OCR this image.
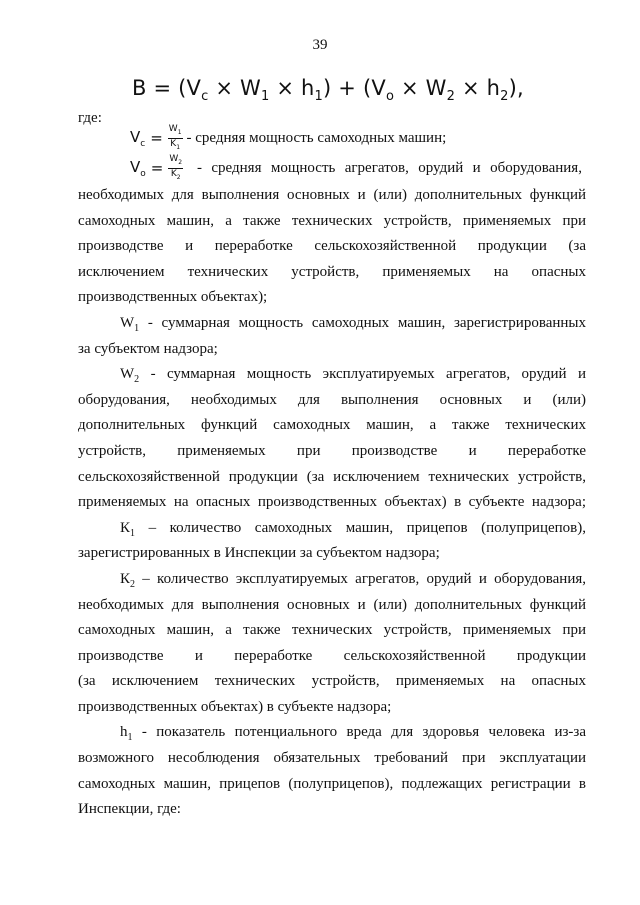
39
$B = (V_c \times W_1 \times h_1) + (V_o \times W_2 \times h_2)$,
где:
$V_c = \frac{W_1}{K_1}$ - средняя мощность самоходных машин;
$V_o = \frac{W_2}{K_2}$ - средняя мощность агрегатов, орудий и оборудования,
необходимых для выполнения основных и (или) дополнительных функций
самоходных машин, а также технических устройств, применяемых при
производстве и переработке сельскохозяйственной продукции (за
исключением технических устройств, применяемых на опасных
производственных объектах);
$W_1$ - суммарная мощность самоходных машин, зарегистрированных
за субъектом надзора;
$W_2$ - суммарная мощность эксплуатируемых агрегатов, орудий и
оборудования, необходимых для выполнения основных и (или)
дополнительных функций самоходных машин, а также технических
устройств, применяемых при производстве и переработке
сельскохозяйственной продукции (за исключением технических устройств,
применяемых на опасных производственных объектах) в субъекте надзора;
$К_1$ – количество самоходных машин, прицепов (полуприцепов),
зарегистрированных в Инспекции за субъектом надзора;
$К_2$ – количество эксплуатируемых агрегатов, орудий и оборудования,
необходимых для выполнения основных и (или) дополнительных функций
самоходных машин, а также технических устройств, применяемых при
производстве и переработке сельскохозяйственной продукции
(за исключением технических устройств, применяемых на опасных
производственных объектах) в субъекте надзора;
$h_1$ - показатель потенциального вреда для здоровья человека из-за
возможного несоблюдения обязательных требований при эксплуатации
самоходных машин, прицепов (полуприцепов), подлежащих регистрации в
Инспекции, где:
